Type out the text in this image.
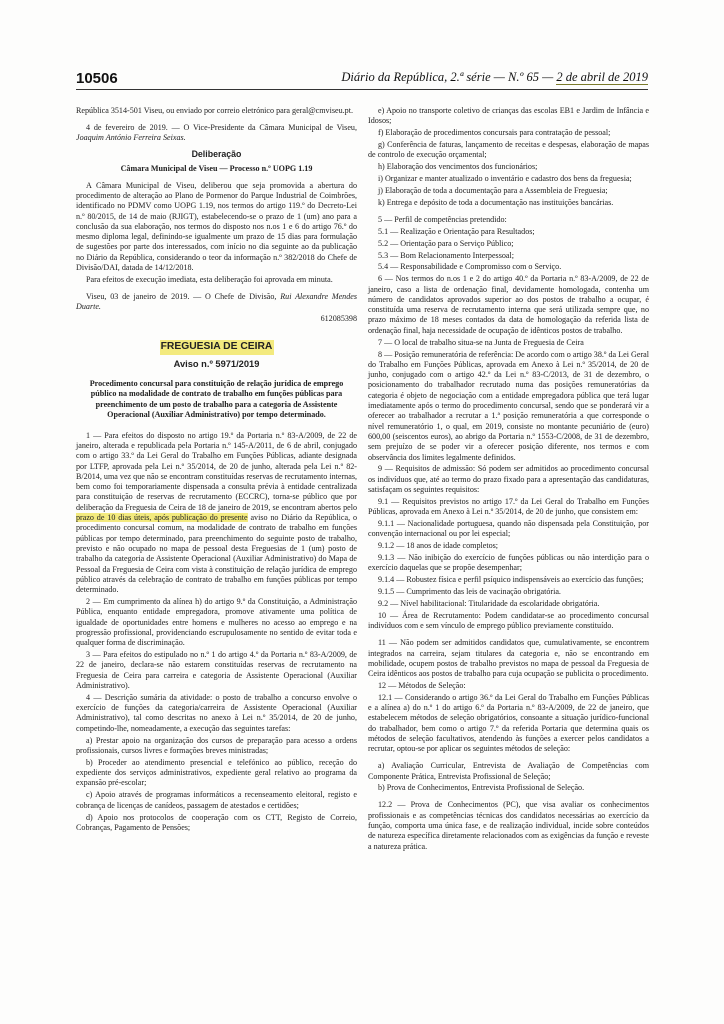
10506	Diário da República, 2.ª série — N.º 65 — 2 de abril de 2019

República 3514-501 Viseu, ou enviado por correio eletrónico para geral@cmviseu.pt.

4 de fevereiro de 2019. — O Vice-Presidente da Câmara Municipal de Viseu, Joaquim António Ferreira Seixas.

Deliberação

Câmara Municipal de Viseu — Processo n.º UOPG 1.19

A Câmara Municipal de Viseu, deliberou que seja promovida a abertura do procedimento de alteração ao Plano de Pormenor do Parque Industrial de Coimbrões, identificado no PDMV como UOPG 1.19, nos termos do artigo 119.º do Decreto-Lei n.º 80/2015, de 14 de maio (RJIGT), estabelecendo-se o prazo de 1 (um) ano para a conclusão da sua elaboração, nos termos do disposto nos n.os 1 e 6 do artigo 76.º do mesmo diploma legal, definindo-se igualmente um prazo de 15 dias para formulação de sugestões por parte dos interessados, com início no dia seguinte ao da publicação no Diário da República, considerando o teor da informação n.º 382/2018 do Chefe de Divisão/DAI, datada de 14/12/2018.

Para efeitos de execução imediata, esta deliberação foi aprovada em minuta.

Viseu, 03 de janeiro de 2019. — O Chefe de Divisão, Rui Alexandre Mendes Duarte.

612085398

FREGUESIA DE CEIRA
Aviso n.º 5971/2019

Procedimento concursal para constituição de relação jurídica de emprego público na modalidade de contrato de trabalho em funções públicas para preenchimento de um posto de trabalho para a categoria de Assistente Operacional (Auxiliar Administrativo) por tempo determinado.

1 — Para efeitos do disposto no artigo 19.º da Portaria n.º 83-A/2009, de 22 de janeiro, alterada e republicada pela Portaria n.º 145-A/2011, de 6 de abril, conjugado com o artigo 33.º da Lei Geral do Trabalho em Funções Públicas, adiante designada por LTFP, aprovada pela Lei n.º 35/2014, de 20 de junho, alterada pela Lei n.º 82-B/2014, uma vez que não se encontram constituídas reservas de recrutamento internas, bem como foi temporariamente dispensada a consulta prévia à entidade centralizada para constituição de reservas de recrutamento (ECCRC), torna-se público que por deliberação da Freguesia de Ceira de 18 de janeiro de 2019, se encontram abertos pelo prazo de 10 dias úteis, após publicação do presente aviso no Diário da República, o procedimento concursal comum, na modalidade de contrato de trabalho em funções públicas por tempo determinado, para preenchimento do seguinte posto de trabalho, previsto e não ocupado no mapa de pessoal desta Freguesias de 1 (um) posto de trabalho da categoria de Assistente Operacional (Auxiliar Administrativo) do Mapa de Pessoal da Freguesia de Ceira com vista à constituição de relação jurídica de emprego público através da celebração de contrato de trabalho em funções públicas por tempo determinado.

2 — Em cumprimento da alínea h) do artigo 9.º da Constituição, a Administração Pública, enquanto entidade empregadora, promove ativamente uma política de igualdade de oportunidades entre homens e mulheres no acesso ao emprego e na progressão profissional, providenciando escrupulosamente no sentido de evitar toda e qualquer forma de discriminação.

3 — Para efeitos do estipulado no n.º 1 do artigo 4.º da Portaria n.º 83-A/2009, de 22 de janeiro, declara-se não estarem constituídas reservas de recrutamento na Freguesia de Ceira para carreira e categoria de Assistente Operacional (Auxiliar Administrativo).

4 — Descrição sumária da atividade: o posto de trabalho a concurso envolve o exercício de funções da categoria/carreira de Assistente Operacional (Auxiliar Administrativo), tal como descritas no anexo à Lei n.º 35/2014, de 20 de junho, competindo-lhe, nomeadamente, a execução das seguintes tarefas:

a) Prestar apoio na organização dos cursos de preparação para acesso a ordens profissionais, cursos livres e formações breves ministradas;

b) Proceder ao atendimento presencial e telefónico ao público, receção do expediente dos serviços administrativos, expediente geral relativo ao programa da expansão pré-escolar;

c) Apoio através de programas informáticos a recenseamento eleitoral, registo e cobrança de licenças de canídeos, passagem de atestados e certidões;

d) Apoio nos protocolos de cooperação com os CTT, Registo de Correio, Cobranças, Pagamento de Pensões;

e) Apoio no transporte coletivo de crianças das escolas EB1 e Jardim de Infância e Idosos;

f) Elaboração de procedimentos concursais para contratação de pessoal;

g) Conferência de faturas, lançamento de receitas e despesas, elaboração de mapas de controlo de execução orçamental;

h) Elaboração dos vencimentos dos funcionários;

i) Organizar e manter atualizado o inventário e cadastro dos bens da freguesia;

j) Elaboração de toda a documentação para a Assembleia de Freguesia;

k) Entrega e depósito de toda a documentação nas instituições bancárias.

5 — Perfil de competências pretendido:

5.1 — Realização e Orientação para Resultados;

5.2 — Orientação para o Serviço Público;

5.3 — Bom Relacionamento Interpessoal;

5.4 — Responsabilidade e Compromisso com o Serviço.

6 — Nos termos do n.os 1 e 2 do artigo 40.º da Portaria n.º 83-A/2009, de 22 de janeiro, caso a lista de ordenação final, devidamente homologada, contenha um número de candidatos aprovados superior ao dos postos de trabalho a ocupar, é constituída uma reserva de recrutamento interna que será utilizada sempre que, no prazo máximo de 18 meses contados da data de homologação da referida lista de ordenação final, haja necessidade de ocupação de idênticos postos de trabalho.

7 — O local de trabalho situa-se na Junta de Freguesia de Ceira

8 — Posição remuneratória de referência: De acordo com o artigo 38.º da Lei Geral do Trabalho em Funções Públicas, aprovada em Anexo à Lei n.º 35/2014, de 20 de junho, conjugado com o artigo 42.º da Lei n.º 83-C/2013, de 31 de dezembro, o posicionamento do trabalhador recrutado numa das posições remuneratórias da categoria é objeto de negociação com a entidade empregadora pública que terá lugar imediatamente após o termo do procedimento concursal, sendo que se ponderará vir a oferecer ao trabalhador a recrutar a 1.ª posição remuneratória a que corresponde o nível remuneratório 1, o qual, em 2019, consiste no montante pecuniário de (euro) 600,00 (seiscentos euros), ao abrigo da Portaria n.º 1553-C/2008, de 31 de dezembro, sem prejuízo de se poder vir a oferecer posição diferente, nos termos e com observância dos limites legalmente definidos.

9 — Requisitos de admissão: Só podem ser admitidos ao procedimento concursal os indivíduos que, até ao termo do prazo fixado para a apresentação das candidaturas, satisfaçam os seguintes requisitos:

9.1 — Requisitos previstos no artigo 17.º da Lei Geral do Trabalho em Funções Públicas, aprovada em Anexo à Lei n.º 35/2014, de 20 de junho, que consistem em:

9.1.1 — Nacionalidade portuguesa, quando não dispensada pela Constituição, por convenção internacional ou por lei especial;

9.1.2 — 18 anos de idade completos;

9.1.3 — Não inibição do exercício de funções públicas ou não interdição para o exercício daquelas que se propõe desempenhar;

9.1.4 — Robustez física e perfil psíquico indispensáveis ao exercício das funções;

9.1.5 — Cumprimento das leis de vacinação obrigatória.

9.2 — Nível habilitacional: Titularidade da escolaridade obrigatória.

10 — Área de Recrutamento: Podem candidatar-se ao procedimento concursal indivíduos com e sem vínculo de emprego público previamente constituído.

11 — Não podem ser admitidos candidatos que, cumulativamente, se encontrem integrados na carreira, sejam titulares da categoria e, não se encontrando em mobilidade, ocupem postos de trabalho previstos no mapa de pessoal da Freguesia de Ceira idênticos aos postos de trabalho para cuja ocupação se publicita o procedimento.

12 — Métodos de Seleção:

12.1 — Considerando o artigo 36.º da Lei Geral do Trabalho em Funções Públicas e a alínea a) do n.º 1 do artigo 6.º da Portaria n.º 83-A/2009, de 22 de janeiro, que estabelecem métodos de seleção obrigatórios, consoante a situação jurídico-funcional do trabalhador, bem como o artigo 7.º da referida Portaria que determina quais os métodos de seleção facultativos, atendendo às funções a exercer pelos candidatos a recrutar, optou-se por aplicar os seguintes métodos de seleção:

a) Avaliação Curricular, Entrevista de Avaliação de Competências com Componente Prática, Entrevista Profissional de Seleção;

b) Prova de Conhecimentos, Entrevista Profissional de Seleção.

12.2 — Prova de Conhecimentos (PC), que visa avaliar os conhecimentos profissionais e as competências técnicas dos candidatos necessárias ao exercício da função, comporta uma única fase, e de realização individual, incide sobre conteúdos de natureza específica diretamente relacionados com as exigências da função e reveste a natureza prática.
